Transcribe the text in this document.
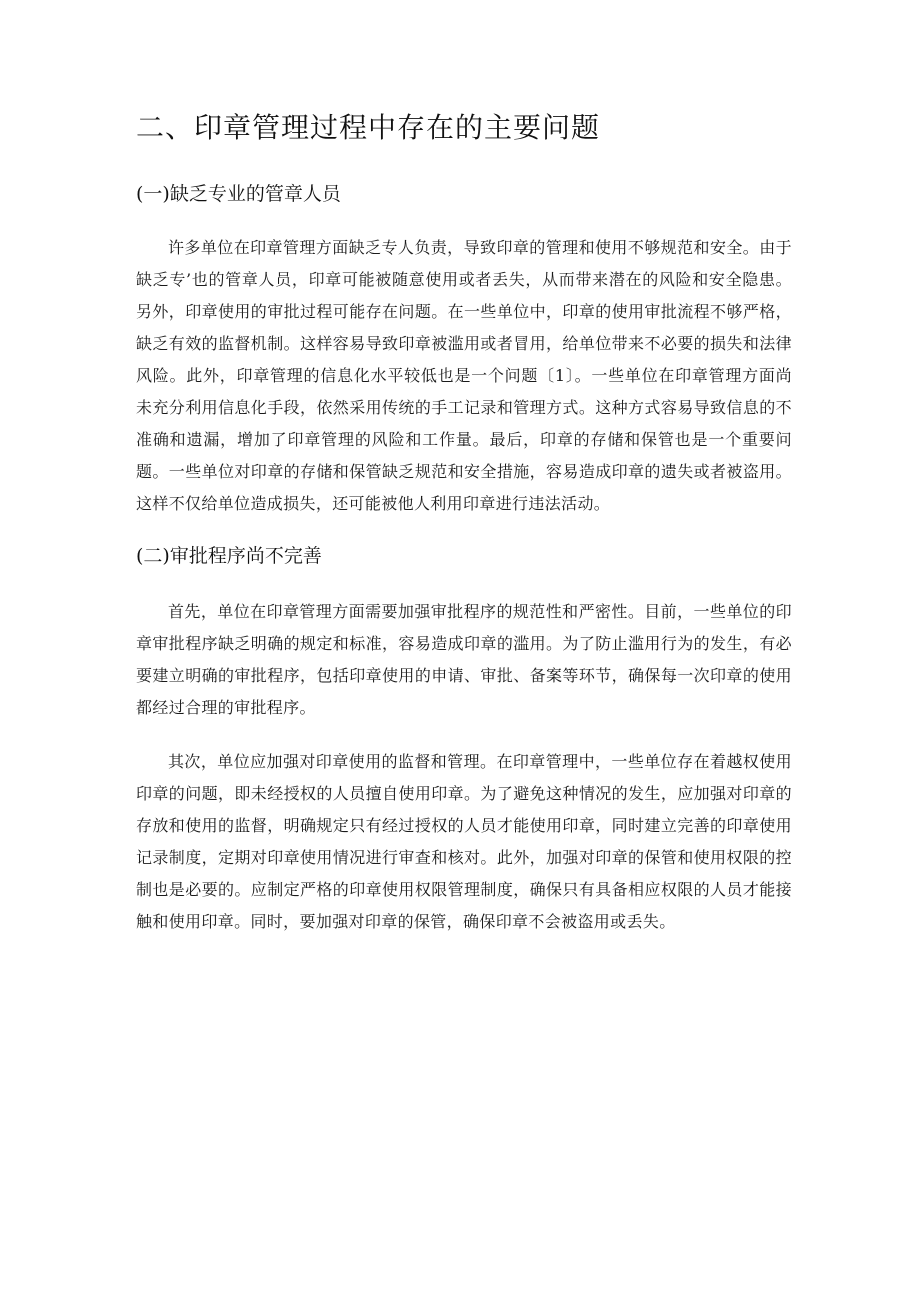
二、印章管理过程中存在的主要问题
(一)缺乏专业的管章人员

许多单位在印章管理方面缺乏专人负责，导致印章的管理和使用不够规范和安全。由于缺乏专’也的管章人员，印章可能被随意使用或者丢失，从而带来潜在的风险和安全隐患。另外，印章使用的审批过程可能存在问题。在一些单位中，印章的使用审批流程不够严格，缺乏有效的监督机制。这样容易导致印章被滥用或者冒用，给单位带来不必要的损失和法律风险。此外，印章管理的信息化水平较低也是一个问题〔1〕。一些单位在印章管理方面尚未充分利用信息化手段，依然采用传统的手工记录和管理方式。这种方式容易导致信息的不准确和遗漏，增加了印章管理的风险和工作量。最后，印章的存储和保管也是一个重要问题。一些单位对印章的存储和保管缺乏规范和安全措施，容易造成印章的遗失或者被盗用。这样不仅给单位造成损失，还可能被他人利用印章进行违法活动。

(二)审批程序尚不完善

首先，单位在印章管理方面需要加强审批程序的规范性和严密性。目前，一些单位的印章审批程序缺乏明确的规定和标准，容易造成印章的滥用。为了防止滥用行为的发生，有必要建立明确的审批程序，包括印章使用的申请、审批、备案等环节，确保每一次印章的使用都经过合理的审批程序。

其次，单位应加强对印章使用的监督和管理。在印章管理中，一些单位存在着越权使用印章的问题，即未经授权的人员擅自使用印章。为了避免这种情况的发生，应加强对印章的存放和使用的监督，明确规定只有经过授权的人员才能使用印章，同时建立完善的印章使用记录制度，定期对印章使用情况进行审查和核对。此外，加强对印章的保管和使用权限的控制也是必要的。应制定严格的印章使用权限管理制度，确保只有具备相应权限的人员才能接触和使用印章。同时，要加强对印章的保管，确保印章不会被盗用或丢失。
